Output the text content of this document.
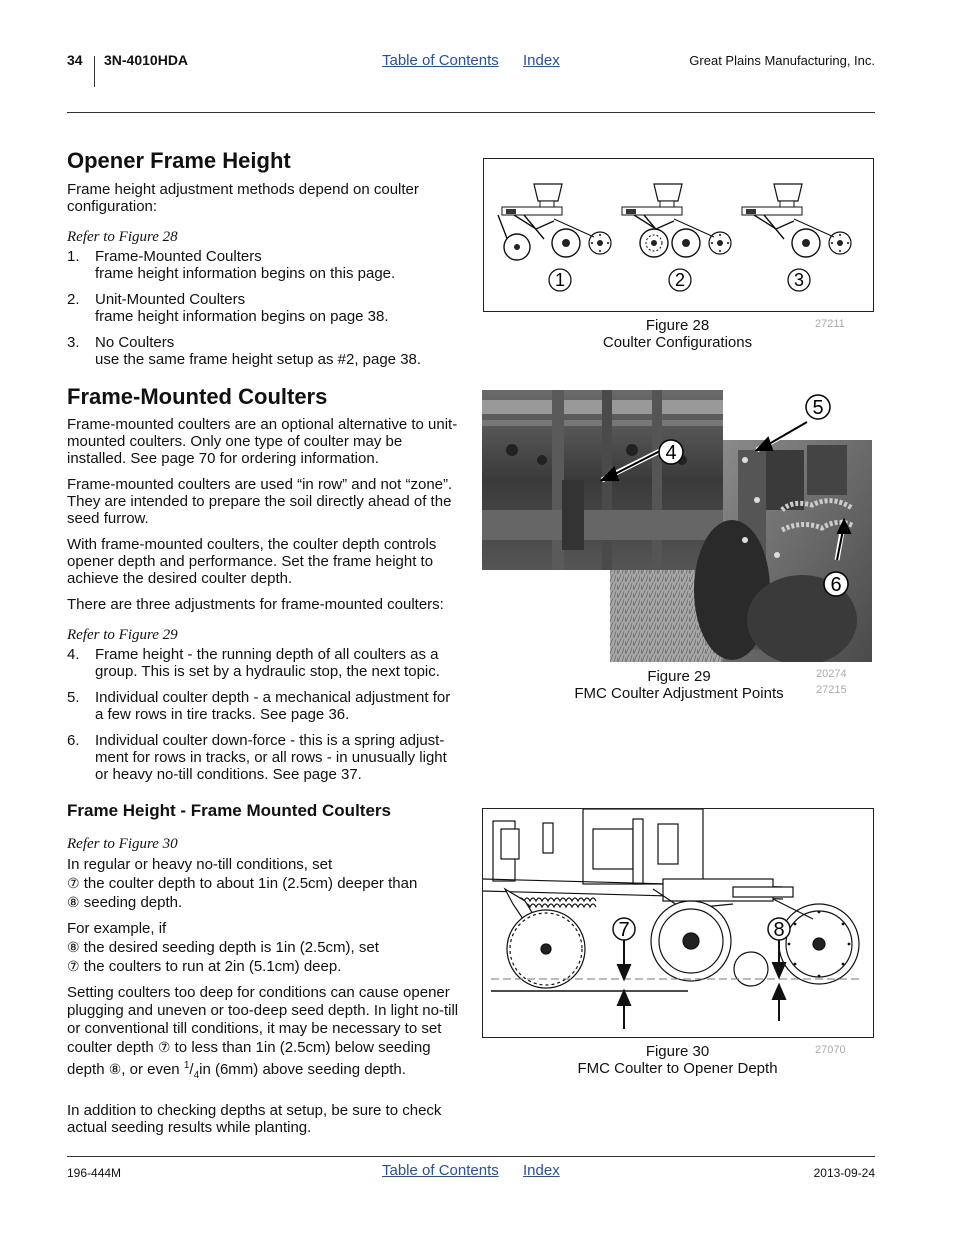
34 3N-4010HDA	Table of Contents Index	Great Plains Manufacturing, Inc.
Opener Frame Height

Frame height adjustment methods depend on coulter configuration:

Refer to Figure 28
1. Frame-Mounted Coulters
frame height information begins on this page.
2. Unit-Mounted Coulters
frame height information begins on page 38.
3. No Coulters
use the same frame height setup as #2, page 38.
Frame-Mounted Coulters

Frame-mounted coulters are an optional alternative to unit-mounted coulters. Only one type of coulter may be installed. See page 70 for ordering information.

Frame-mounted coulters are used “in row” and not “zone”. They are intended to prepare the soil directly ahead of the seed furrow.

With frame-mounted coulters, the coulter depth controls opener depth and performance. Set the frame height to achieve the desired coulter depth.

There are three adjustments for frame-mounted coulters:

Refer to Figure 29
4. Frame height - the running depth of all coulters as a group. This is set by a hydraulic stop, the next topic.
5. Individual coulter depth - a mechanical adjustment for a few rows in tire tracks. See page 36.
6. Individual coulter down-force - this is a spring adjust-ment for rows in tracks, or all rows - in unusually light or heavy no-till conditions. See page 37.
Frame Height - Frame Mounted Coulters
Refer to Figure 30
In regular or heavy no-till conditions, set
⑦ the coulter depth to about 1in (2.5cm) deeper than
⑧ seeding depth.
For example, if
⑧ the desired seeding depth is 1in (2.5cm), set
⑦ the coulters to run at 2in (5.1cm) deep.

Setting coulters too deep for conditions can cause opener plugging and uneven or too-deep seed depth. In light no-till or conventional till conditions, it may be necessary to set coulter depth ⑦ to less than 1in (2.5cm) below seeding depth ⑧, or even $^1/_4in$ (6mm) above seeding depth.

In addition to checking depths at setup, be sure to check actual seeding results while planting.

1	2	3
Figure 28
Coulter Configurations
27211
4
5
6
Figure 29
FMC Coulter Adjustment Points
20274
27215
7	8
Figure 30
FMC Coulter to Opener Depth
27070
196-444M	Table of Contents Index	2013-09-24
